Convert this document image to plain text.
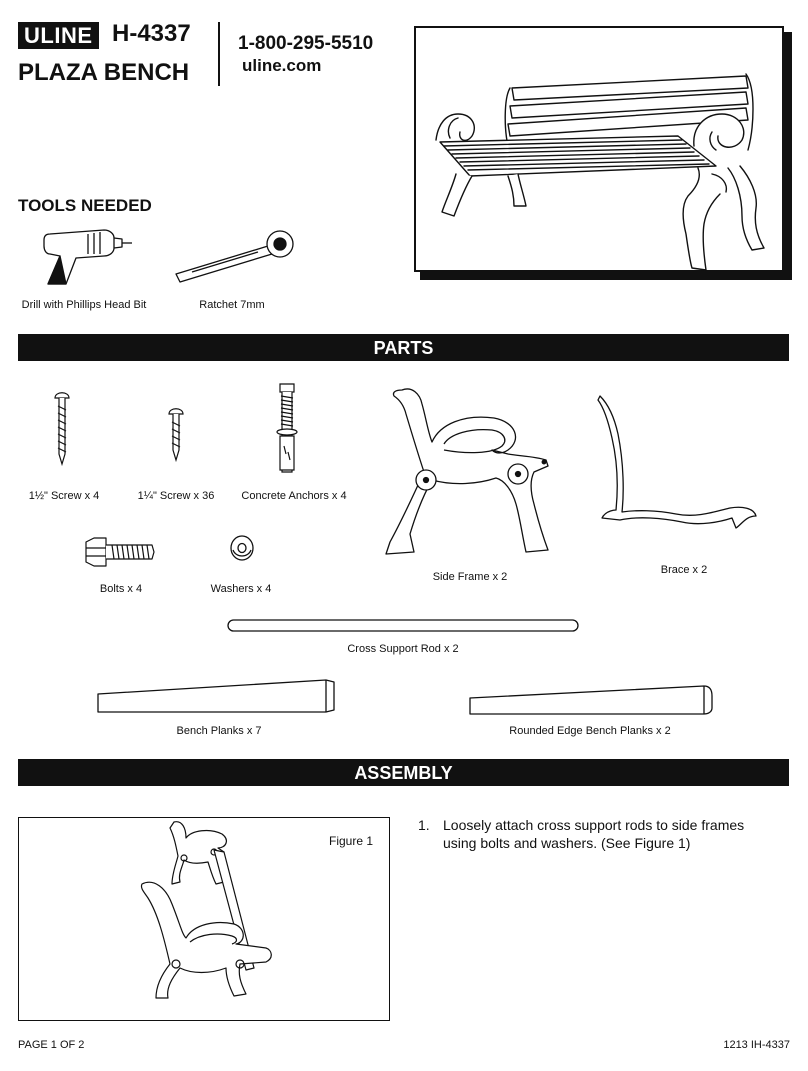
ULINE H-4337
PLAZA BENCH
1-800-295-5510
uline.com
TOOLS NEEDED
Drill with Phillips Head Bit	Ratchet 7mm
PARTS
1½" Screw x 4	1¼" Screw x 36	Concrete Anchors x 4
Side Frame x 2
Brace x 2
Bolts x 4	Washers x 4
Cross Support Rod x 2
Bench Planks x 7	Rounded Edge Bench Planks x 2
ASSEMBLY
Figure 1
1. Loosely attach cross support rods to side frames using bolts and washers. (See Figure 1)
PAGE 1 OF 2	1213 IH-4337
